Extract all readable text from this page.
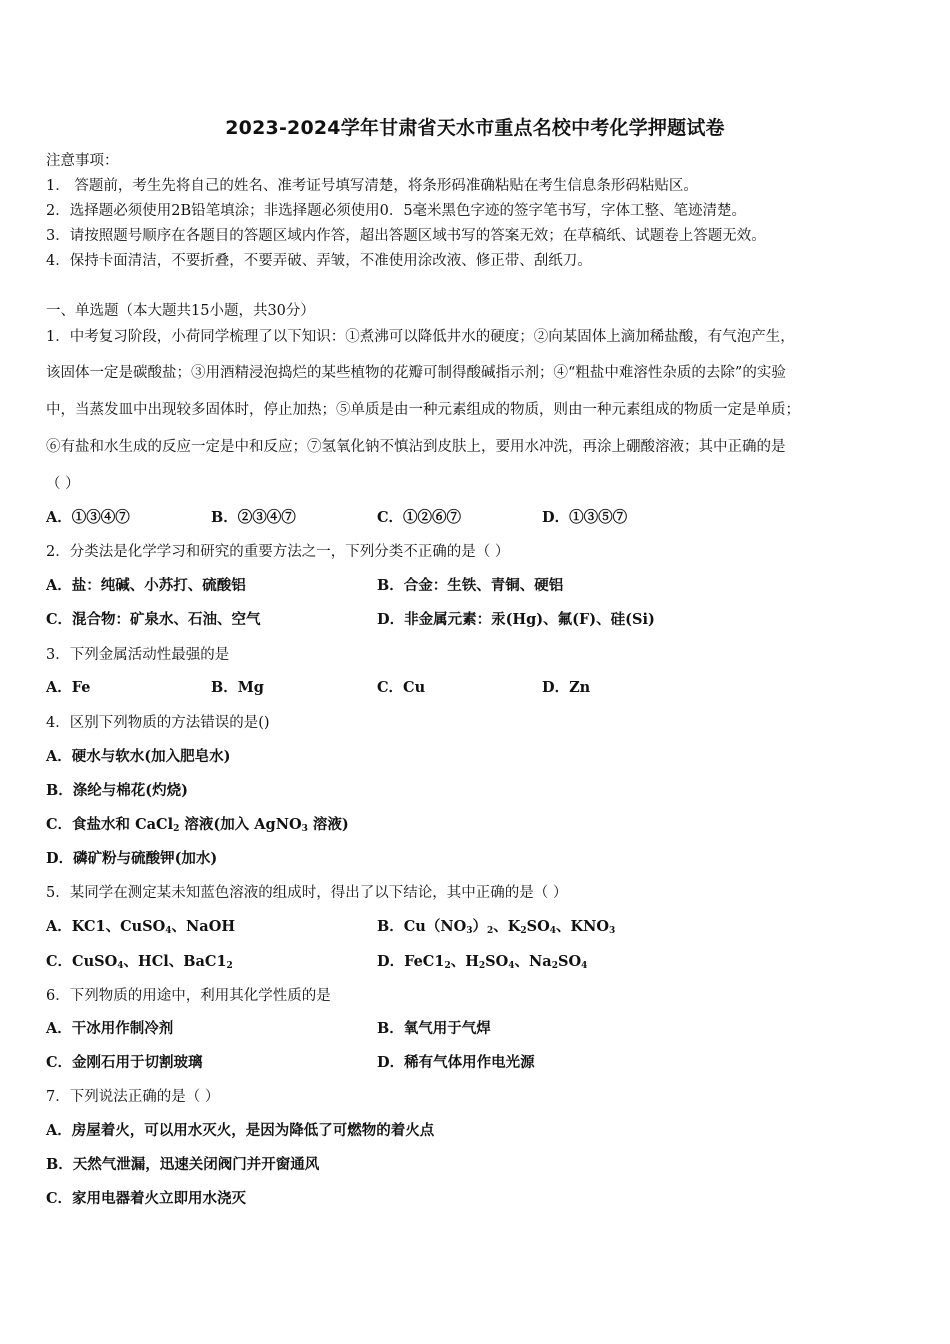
2023-2024学年甘肃省天水市重点名校中考化学押题试卷
注意事项：
1． 答题前，考生先将自己的姓名、准考证号填写清楚，将条形码准确粘贴在考生信息条形码粘贴区。
2．选择题必须使用2B铅笔填涂；非选择题必须使用0．5毫米黑色字迹的签字笔书写，字体工整、笔迹清楚。
3．请按照题号顺序在各题目的答题区域内作答，超出答题区域书写的答案无效；在草稿纸、试题卷上答题无效。
4．保持卡面清洁，不要折叠，不要弄破、弄皱，不准使用涂改液、修正带、刮纸刀。
一、单选题（本大题共15小题，共30分）
1．中考复习阶段，小荷同学梳理了以下知识：①煮沸可以降低井水的硬度；②向某固体上滴加稀盐酸，有气泡产生，
该固体一定是碳酸盐；③用酒精浸泡捣烂的某些植物的花瓣可制得酸碱指示剂；④“粗盐中难溶性杂质的去除”的实验
中，当蒸发皿中出现较多固体时，停止加热；⑤单质是由一种元素组成的物质，则由一种元素组成的物质一定是单质；
⑥有盐和水生成的反应一定是中和反应；⑦氢氧化钠不慎沾到皮肤上，要用水冲洗，再涂上硼酸溶液；其中正确的是
（ ）
A．①③④⑦	B．②③④⑦	C．①②⑥⑦	D．①③⑤⑦
2．分类法是化学学习和研究的重要方法之一，下列分类不正确的是（ ）
A．盐：纯碱、小苏打、硫酸铝	B．合金：生铁、青铜、硬铝
C．混合物：矿泉水、石油、空气	D．非金属元素：汞(Hg)、氟(F)、硅(Si)
3．下列金属活动性最强的是
A．Fe	B．Mg	C．Cu	D．Zn
4．区别下列物质的方法错误的是()
A．硬水与软水(加入肥皂水)
B．涤纶与棉花(灼烧)
C．食盐水和 CaCl$_2$ 溶液(加入 AgNO$_3$ 溶液)
D．磷矿粉与硫酸钾(加水)
5．某同学在测定某未知蓝色溶液的组成时，得出了以下结论，其中正确的是（ ）
A．KC1、CuSO$_4$、NaOH	B．$Cu(NO_3)_2$、$K_2SO_4$、$KNO_3$
C．CuSO$_4$、HCl、$BaC1_2$	D．$FeC1_2$、$H_2SO_4$、$Na_2SO_4$
6．下列物质的用途中，利用其化学性质的是
A．干冰用作制冷剂	B．氧气用于气焊
C．金刚石用于切割玻璃	D．稀有气体用作电光源
7．下列说法正确的是（ ）
A．房屋着火，可以用水灭火，是因为降低了可燃物的着火点
B．天然气泄漏，迅速关闭阀门并开窗通风
C．家用电器着火立即用水浇灭
